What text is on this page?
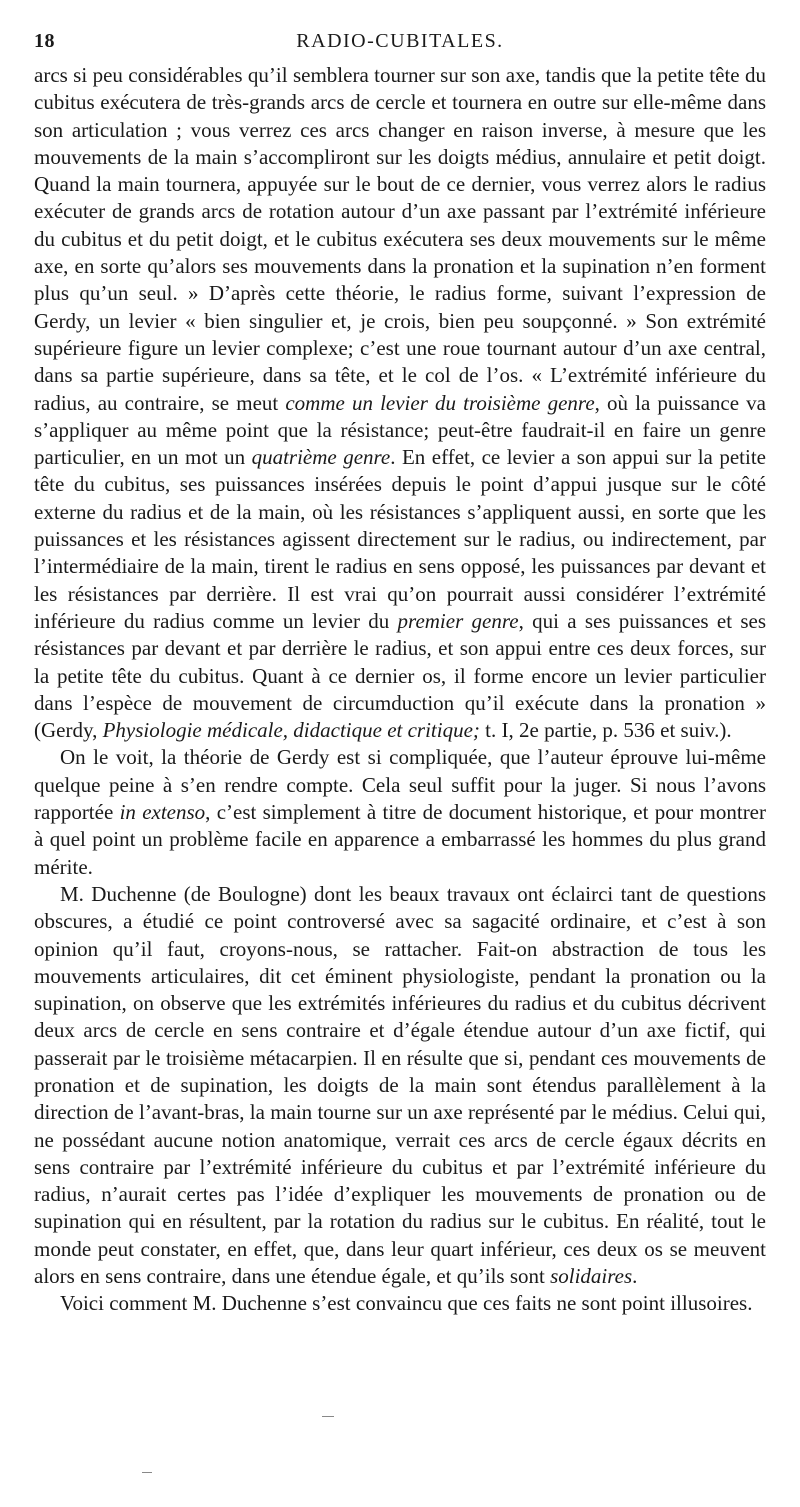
18	RADIO-CUBITALES.

arcs si peu considérables qu’il semblera tourner sur son axe, tandis que la petite tête du cubitus exécutera de très-grands arcs de cercle et tournera en outre sur elle-même dans son articulation ; vous verrez ces arcs changer en raison inverse, à mesure que les mouvements de la main s’accompliront sur les doigts médius, annulaire et petit doigt. Quand la main tournera, appuyée sur le bout de ce dernier, vous verrez alors le radius exécuter de grands arcs de rotation autour d’un axe passant par l’extrémité inférieure du cubitus et du petit doigt, et le cubitus exécutera ses deux mouvements sur le même axe, en sorte qu’alors ses mouvements dans la pronation et la supination n’en forment plus qu’un seul. » D’après cette théorie, le radius forme, suivant l’expression de Gerdy, un levier « bien singulier et, je crois, bien peu soupçonné. » Son extrémité supérieure figure un levier complexe; c’est une roue tournant autour d’un axe central, dans sa partie supérieure, dans sa tête, et le col de l’os. « L’extrémité inférieure du radius, au contraire, se meut comme un levier du troisième genre, où la puissance va s’appliquer au même point que la résistance; peut-être faudrait-il en faire un genre particulier, en un mot un quatrième genre. En effet, ce levier a son appui sur la petite tête du cubitus, ses puissances insérées depuis le point d’appui jusque sur le côté externe du radius et de la main, où les résistances s’appliquent aussi, en sorte que les puissances et les résistances agissent directement sur le radius, ou indirectement, par l’intermédiaire de la main, tirent le radius en sens opposé, les puissances par devant et les résistances par derrière. Il est vrai qu’on pourrait aussi considérer l’extrémité inférieure du radius comme un levier du premier genre, qui a ses puissances et ses résistances par devant et par derrière le radius, et son appui entre ces deux forces, sur la petite tête du cubitus. Quant à ce dernier os, il forme encore un levier particulier dans l’espèce de mouvement de circumduction qu’il exécute dans la pronation » (Gerdy, Physiologie médicale, didactique et critique; t. I, 2e partie, p. 536 et suiv.).

On le voit, la théorie de Gerdy est si compliquée, que l’auteur éprouve lui-même quelque peine à s’en rendre compte. Cela seul suffit pour la juger. Si nous l’avons rapportée in extenso, c’est simplement à titre de document historique, et pour montrer à quel point un problème facile en apparence a embarrassé les hommes du plus grand mérite.

M. Duchenne (de Boulogne) dont les beaux travaux ont éclairci tant de questions obscures, a étudié ce point controversé avec sa sagacité ordinaire, et c’est à son opinion qu’il faut, croyons-nous, se rattacher. Fait-on abstraction de tous les mouvements articulaires, dit cet éminent physiologiste, pendant la pronation ou la supination, on observe que les extrémités inférieures du radius et du cubitus décrivent deux arcs de cercle en sens contraire et d’égale étendue autour d’un axe fictif, qui passerait par le troisième métacarpien. Il en résulte que si, pendant ces mouvements de pronation et de supination, les doigts de la main sont étendus parallèlement à la direction de l’avant-bras, la main tourne sur un axe représenté par le médius. Celui qui, ne possédant aucune notion anatomique, verrait ces arcs de cercle égaux décrits en sens contraire par l’extrémité inférieure du cubitus et par l’extrémité inférieure du radius, n’aurait certes pas l’idée d’expliquer les mouvements de pronation ou de supination qui en résultent, par la rotation du radius sur le cubitus. En réalité, tout le monde peut constater, en effet, que, dans leur quart inférieur, ces deux os se meuvent alors en sens contraire, dans une étendue égale, et qu’ils sont solidaires.

Voici comment M. Duchenne s’est convaincu que ces faits ne sont point illusoires.
